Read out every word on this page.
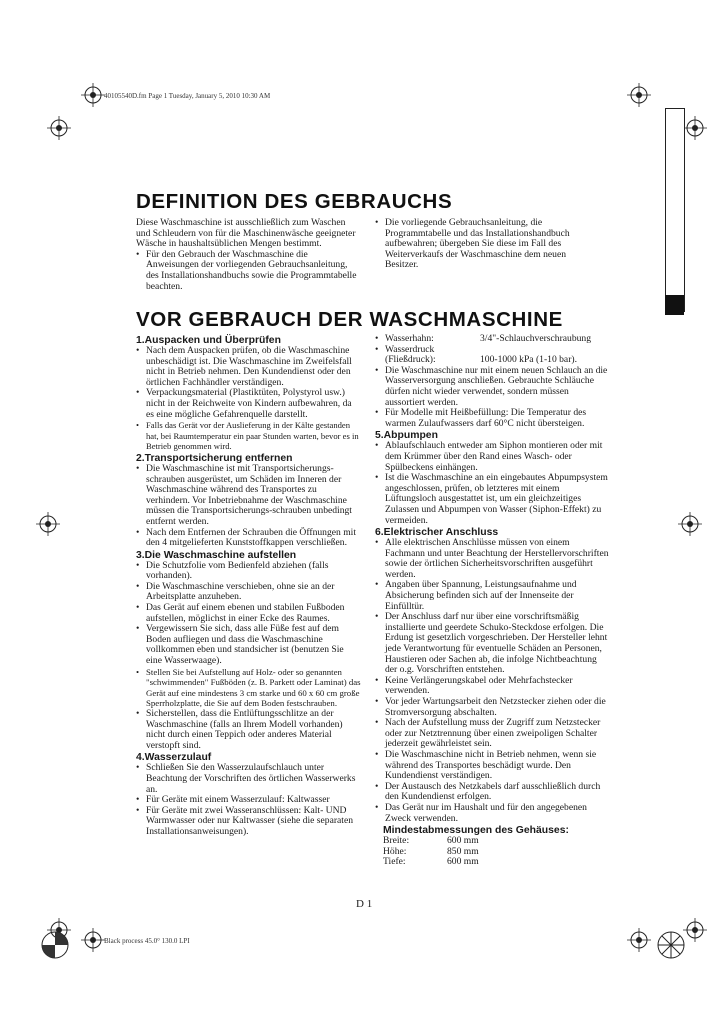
40105540D.fm Page 1 Tuesday, January 5, 2010 10:30 AM
Black process 45.0° 130.0 LPI
DEFINITION DES GEBRAUCHS

Diese Waschmaschine ist ausschließlich zum Waschen und Schleudern von für die Maschinenwäsche geeigneter Wäsche in haushaltsüblichen Mengen bestimmt.

• Für den Gebrauch der Waschmaschine die Anweisungen der vorliegenden Gebrauchsanleitung, des Installationshandbuchs sowie die Programmtabelle beachten.
• Die vorliegende Gebrauchsanleitung, die Programmtabelle und das Installationshandbuch aufbewahren; übergeben Sie diese im Fall des Weiterverkaufs der Waschmaschine dem neuen Besitzer.
VOR GEBRAUCH DER WASCHMASCHINE
1.Auspacken und Überprüfen
• Nach dem Auspacken prüfen, ob die Waschmaschine unbeschädigt ist. Die Waschmaschine im Zweifelsfall nicht in Betrieb nehmen. Den Kundendienst oder den örtlichen Fachhändler verständigen.
• Verpackungsmaterial (Plastiktüten, Polystyrol usw.) nicht in der Reichweite von Kindern aufbewahren, da es eine mögliche Gefahrenquelle darstellt.
• Falls das Gerät vor der Auslieferung in der Kälte gestanden hat, bei Raumtemperatur ein paar Stunden warten, bevor es in Betrieb genommen wird.
2.Transportsicherung entfernen
• Die Waschmaschine ist mit Transportsicherungs-schrauben ausgerüstet, um Schäden im Inneren der Waschmaschine während des Transportes zu verhindern. Vor Inbetriebnahme der Waschmaschine müssen die Transportsicherungs-schrauben unbedingt entfernt werden.
• Nach dem Entfernen der Schrauben die Öffnungen mit den 4 mitgelieferten Kunststoffkappen verschließen.
3.Die Waschmaschine aufstellen
• Die Schutzfolie vom Bedienfeld abziehen (falls vorhanden).
• Die Waschmaschine verschieben, ohne sie an der Arbeitsplatte anzuheben.
• Das Gerät auf einem ebenen und stabilen Fußboden aufstellen, möglichst in einer Ecke des Raumes.
• Vergewissern Sie sich, dass alle Füße fest auf dem Boden aufliegen und dass die Waschmaschine vollkommen eben und standsicher ist (benutzen Sie eine Wasserwaage).
• Stellen Sie bei Aufstellung auf Holz- oder so genannten "schwimmenden" Fußböden (z. B. Parkett oder Laminat) das Gerät auf eine mindestens 3 cm starke und 60 x 60 cm große Sperrholzplatte, die Sie auf dem Boden festschrauben.
• Sicherstellen, dass die Entlüftungsschlitze an der Waschmaschine (falls an Ihrem Modell vorhanden) nicht durch einen Teppich oder anderes Material verstopft sind.
4.Wasserzulauf
• Schließen Sie den Wasserzulaufschlauch unter Beachtung der Vorschriften des örtlichen Wasserwerks an.
• Für Geräte mit einem Wasserzulauf: Kaltwasser
• Für Geräte mit zwei Wasseranschlüssen: Kalt- UND Warmwasser oder nur Kaltwasser (siehe die separaten Installationsanweisungen).
• Wasserhahn:	3/4"-Schlauchverschraubung
• Wasserdruck
(Fließdruck):	100-1000 kPa (1-10 bar).
• Die Waschmaschine nur mit einem neuen Schlauch an die Wasserversorgung anschließen. Gebrauchte Schläuche dürfen nicht wieder verwendet, sondern müssen aussortiert werden.
• Für Modelle mit Heißbefüllung: Die Temperatur des warmen Zulaufwassers darf 60°C nicht übersteigen.
5.Abpumpen
• Ablaufschlauch entweder am Siphon montieren oder mit dem Krümmer über den Rand eines Wasch- oder Spülbeckens einhängen.
• Ist die Waschmaschine an ein eingebautes Abpumpsystem angeschlossen, prüfen, ob letzteres mit einem Lüftungsloch ausgestattet ist, um ein gleichzeitiges Zulassen und Abpumpen von Wasser (Siphon-Effekt) zu vermeiden.
6.Elektrischer Anschluss
• Alle elektrischen Anschlüsse müssen von einem Fachmann und unter Beachtung der Herstellervorschriften sowie der örtlichen Sicherheitsvorschriften ausgeführt werden.
• Angaben über Spannung, Leistungsaufnahme und Absicherung befinden sich auf der Innenseite der Einfülltür.
• Der Anschluss darf nur über eine vorschriftsmäßig installierte und geerdete Schuko-Steckdose erfolgen. Die Erdung ist gesetzlich vorgeschrieben. Der Hersteller lehnt jede Verantwortung für eventuelle Schäden an Personen, Haustieren oder Sachen ab, die infolge Nichtbeachtung der o.g. Vorschriften entstehen.
• Keine Verlängerungskabel oder Mehrfachstecker verwenden.
• Vor jeder Wartungsarbeit den Netzstecker ziehen oder die Stromversorgung abschalten.
• Nach der Aufstellung muss der Zugriff zum Netzstecker oder zur Netztrennung über einen zweipoligen Schalter jederzeit gewährleistet sein.
• Die Waschmaschine nicht in Betrieb nehmen, wenn sie während des Transportes beschädigt wurde. Den Kundendienst verständigen.
• Der Austausch des Netzkabels darf ausschließlich durch den Kundendienst erfolgen.
• Das Gerät nur im Haushalt und für den angegebenen Zweck verwenden.
Mindestabmessungen des Gehäuses:
Breite:	600 mm
Höhe:	850 mm
Tiefe:	600 mm
D 1
